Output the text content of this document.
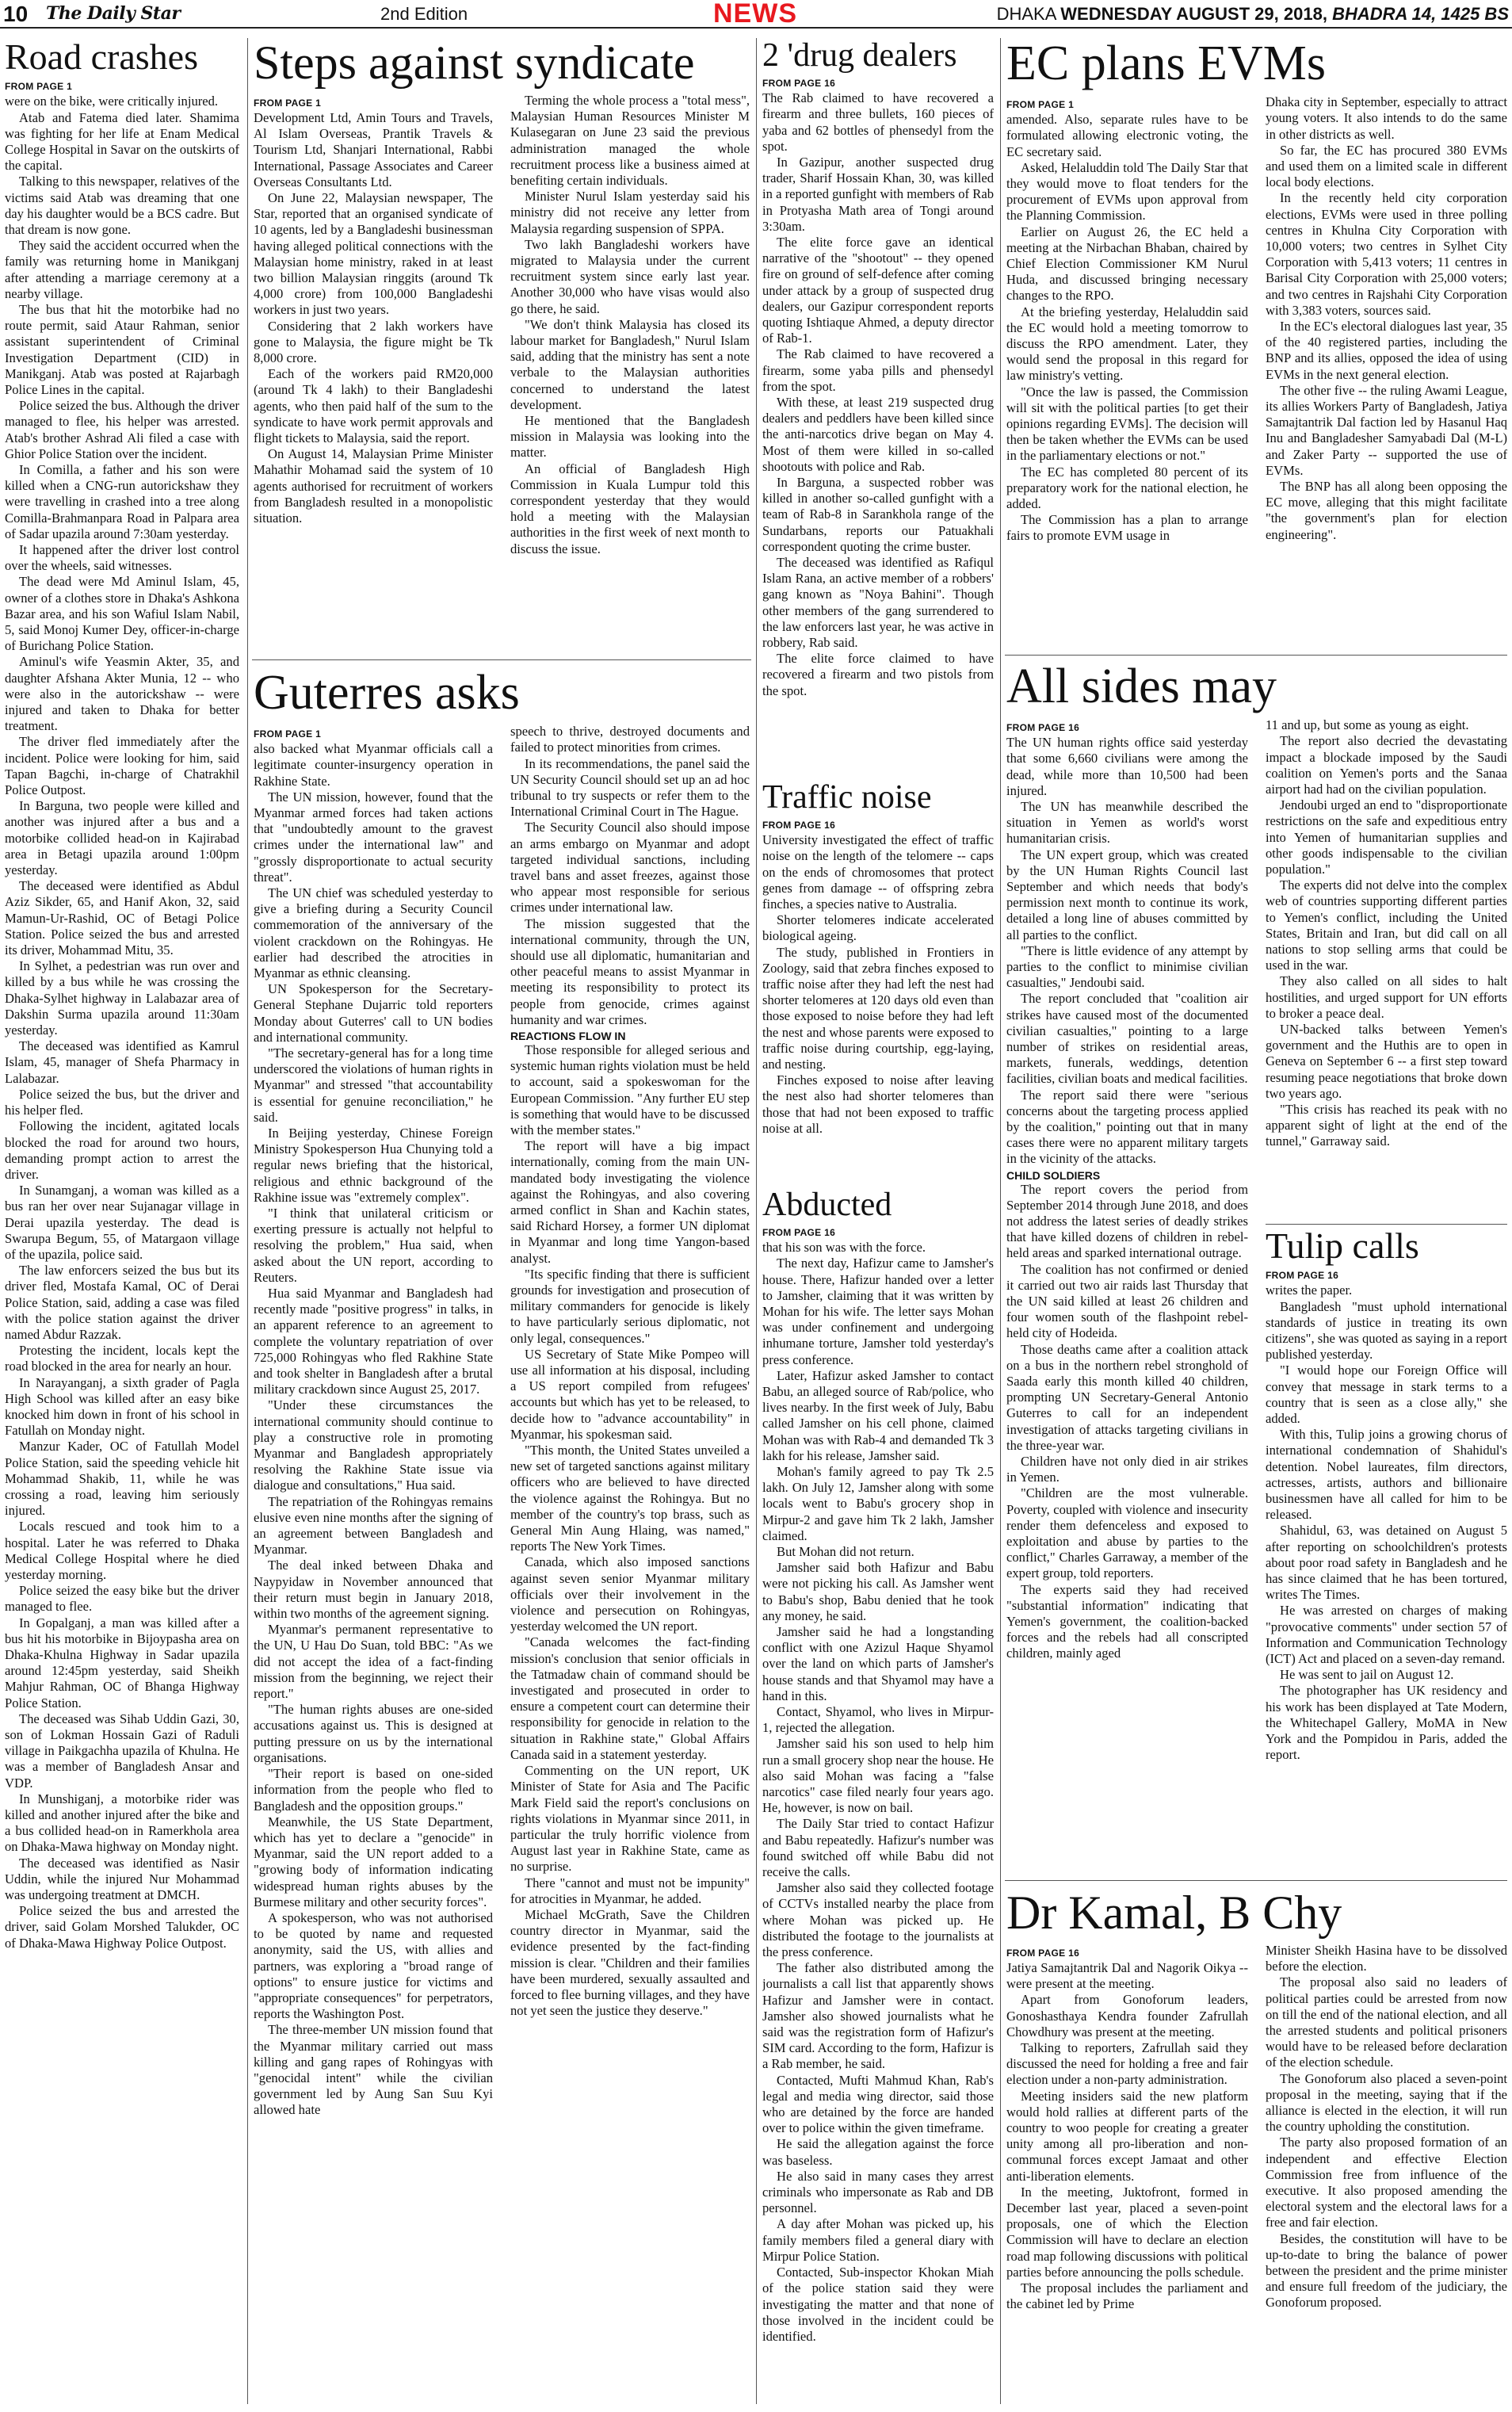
10 The Daily Star	2nd Edition	NEWS	DHAKA WEDNESDAY AUGUST 29, 2018, BHADRA 14, 1425 BS
Road crashes
FROM PAGE 1

were on the bike, were critically injured.

Atab and Fatema died later. Shamima was fighting for her life at Enam Medical College Hospital in Savar on the outskirts of the capital.

Talking to this newspaper, relatives of the victims said Atab was dreaming that one day his daughter would be a BCS cadre. But that dream is now gone.

They said the accident occurred when the family was returning home in Manikganj after attending a marriage ceremony at a nearby village.

The bus that hit the motorbike had no route permit, said Ataur Rahman, senior assistant superintendent of Criminal Investigation Department (CID) in Manikganj. Atab was posted at Rajarbagh Police Lines in the capital.

Police seized the bus. Although the driver managed to flee, his helper was arrested. Atab's brother Ashrad Ali filed a case with Ghior Police Station over the incident.

In Comilla, a father and his son were killed when a CNG-run autorickshaw they were travelling in crashed into a tree along Comilla-Brahmanpara Road in Palpara area of Sadar upazila around 7:30am yesterday.

It happened after the driver lost control over the wheels, said witnesses.

The dead were Md Aminul Islam, 45, owner of a clothes store in Dhaka's Ashkona Bazar area, and his son Wafiul Islam Nabil, 5, said Monoj Kumer Dey, officer-in-charge of Burichang Police Station.

Aminul's wife Yeasmin Akter, 35, and daughter Afshana Akter Munia, 12 -- who were also in the autorickshaw -- were injured and taken to Dhaka for better treatment.

The driver fled immediately after the incident. Police were looking for him, said Tapan Bagchi, in-charge of Chatrakhil Police Outpost.

In Barguna, two people were killed and another was injured after a bus and a motorbike collided head-on in Kajirabad area in Betagi upazila around 1:00pm yesterday.

The deceased were identified as Abdul Aziz Sikder, 65, and Hanif Akon, 32, said Mamun-Ur-Rashid, OC of Betagi Police Station. Police seized the bus and arrested its driver, Mohammad Mitu, 35.

In Sylhet, a pedestrian was run over and killed by a bus while he was crossing the Dhaka-Sylhet highway in Lalabazar area of Dakshin Surma upazila around 11:30am yesterday.

The deceased was identified as Kamrul Islam, 45, manager of Shefa Pharmacy in Lalabazar.

Police seized the bus, but the driver and his helper fled.

Following the incident, agitated locals blocked the road for around two hours, demanding prompt action to arrest the driver.

In Sunamganj, a woman was killed as a bus ran her over near Sujanagar village in Derai upazila yesterday. The dead is Swarupa Begum, 55, of Matargaon village of the upazila, police said.

The law enforcers seized the bus but its driver fled, Mostafa Kamal, OC of Derai Police Station, said, adding a case was filed with the police station against the driver named Abdur Razzak.

Protesting the incident, locals kept the road blocked in the area for nearly an hour.

In Narayanganj, a sixth grader of Pagla High School was killed after an easy bike knocked him down in front of his school in Fatullah on Monday night.

Manzur Kader, OC of Fatullah Model Police Station, said the speeding vehicle hit Mohammad Shakib, 11, while he was crossing a road, leaving him seriously injured.

Locals rescued and took him to a hospital. Later he was referred to Dhaka Medical College Hospital where he died yesterday morning.

Police seized the easy bike but the driver managed to flee.

In Gopalganj, a man was killed after a bus hit his motorbike in Bijoypasha area on Dhaka-Khulna Highway in Sadar upazila around 12:45pm yesterday, said Sheikh Mahjur Rahman, OC of Bhanga Highway Police Station.

The deceased was Sihab Uddin Gazi, 30, son of Lokman Hossain Gazi of Raduli village in Paikgachha upazila of Khulna. He was a member of Bangladesh Ansar and VDP.

In Munshiganj, a motorbike rider was killed and another injured after the bike and a bus collided head-on in Ramerkhola area on Dhaka-Mawa highway on Monday night.

The deceased was identified as Nasir Uddin, while the injured Nur Mohammad was undergoing treatment at DMCH.

Police seized the bus and arrested the driver, said Golam Morshed Talukder, OC of Dhaka-Mawa Highway Police Outpost.

Steps against syndicate
FROM PAGE 1

Development Ltd, Amin Tours and Travels, Al Islam Overseas, Prantik Travels & Tourism Ltd, Shanjari International, Rabbi International, Passage Associates and Career Overseas Consultants Ltd.

On June 22, Malaysian newspaper, The Star, reported that an organised syndicate of 10 agents, led by a Bangladeshi businessman having alleged political connections with the Malaysian home ministry, raked in at least two billion Malaysian ringgits (around Tk 4,000 crore) from 100,000 Bangladeshi workers in just two years.

Considering that 2 lakh workers have gone to Malaysia, the figure might be Tk 8,000 crore.

Each of the workers paid RM20,000 (around Tk 4 lakh) to their Bangladeshi agents, who then paid half of the sum to the syndicate to have work permit approvals and flight tickets to Malaysia, said the report.

On August 14, Malaysian Prime Minister Mahathir Mohamad said the system of 10 agents authorised for recruitment of workers from Bangladesh resulted in a monopolistic situation.

Terming the whole process a "total mess", Malaysian Human Resources Minister M Kulasegaran on June 23 said the previous administration managed the whole recruitment process like a business aimed at benefiting certain individuals.

Minister Nurul Islam yesterday said his ministry did not receive any letter from Malaysia regarding suspension of SPPA.

Two lakh Bangladeshi workers have migrated to Malaysia under the current recruitment system since early last year. Another 30,000 who have visas would also go there, he said.

"We don't think Malaysia has closed its labour market for Bangladesh," Nurul Islam said, adding that the ministry has sent a note verbale to the Malaysian authorities concerned to understand the latest development.

He mentioned that the Bangladesh mission in Malaysia was looking into the matter.

An official of Bangladesh High Commission in Kuala Lumpur told this correspondent yesterday that they would hold a meeting with the Malaysian authorities in the first week of next month to discuss the issue.

Guterres asks
FROM PAGE 1

also backed what Myanmar officials call a legitimate counter-insurgency operation in Rakhine State.

The UN mission, however, found that the Myanmar armed forces had taken actions that "undoubtedly amount to the gravest crimes under the international law" and "grossly disproportionate to actual security threat".

The UN chief was scheduled yesterday to give a briefing during a Security Council commemoration of the anniversary of the violent crackdown on the Rohingyas. He earlier had described the atrocities in Myanmar as ethnic cleansing.

UN Spokesperson for the Secretary-General Stephane Dujarric told reporters Monday about Guterres' call to UN bodies and international community.

"The secretary-general has for a long time underscored the violations of human rights in Myanmar" and stressed "that accountability is essential for genuine reconciliation," he said.

In Beijing yesterday, Chinese Foreign Ministry Spokesperson Hua Chunying told a regular news briefing that the historical, religious and ethnic background of the Rakhine issue was "extremely complex".

"I think that unilateral criticism or exerting pressure is actually not helpful to resolving the problem," Hua said, when asked about the UN report, according to Reuters.

Hua said Myanmar and Bangladesh had recently made "positive progress" in talks, in an apparent reference to an agreement to complete the voluntary repatriation of over 725,000 Rohingyas who fled Rakhine State and took shelter in Bangladesh after a brutal military crackdown since August 25, 2017.

"Under these circumstances the international community should continue to play a constructive role in promoting Myanmar and Bangladesh appropriately resolving the Rakhine State issue via dialogue and consultations," Hua said.

The repatriation of the Rohingyas remains elusive even nine months after the signing of an agreement between Bangladesh and Myanmar.

The deal inked between Dhaka and Naypyidaw in November announced that their return must begin in January 2018, within two months of the agreement signing.

Myanmar's permanent representative to the UN, U Hau Do Suan, told BBC: "As we did not accept the idea of a fact-finding mission from the beginning, we reject their report."

"The human rights abuses are one-sided accusations against us. This is designed at putting pressure on us by the international organisations.

"Their report is based on one-sided information from the people who fled to Bangladesh and the opposition groups."

Meanwhile, the US State Department, which has yet to declare a "genocide" in Myanmar, said the UN report added to a "growing body of information indicating widespread human rights abuses by the Burmese military and other security forces".

A spokesperson, who was not authorised to be quoted by name and requested anonymity, said the US, with allies and partners, was exploring a "broad range of options" to ensure justice for victims and "appropriate consequences" for perpetrators, reports the Washington Post.

The three-member UN mission found that the Myanmar military carried out mass killing and gang rapes of Rohingyas with "genocidal intent" while the civilian government led by Aung San Suu Kyi allowed hate

speech to thrive, destroyed documents and failed to protect minorities from crimes.

In its recommendations, the panel said the UN Security Council should set up an ad hoc tribunal to try suspects or refer them to the International Criminal Court in The Hague.

The Security Council also should impose an arms embargo on Myanmar and adopt targeted individual sanctions, including travel bans and asset freezes, against those who appear most responsible for serious crimes under international law.

The mission suggested that the international community, through the UN, should use all diplomatic, humanitarian and other peaceful means to assist Myanmar in meeting its responsibility to protect its people from genocide, crimes against humanity and war crimes.

REACTIONS FLOW IN

Those responsible for alleged serious and systemic human rights violation must be held to account, said a spokeswoman for the European Commission. "Any further EU step is something that would have to be discussed with the member states."

The report will have a big impact internationally, coming from the main UN-mandated body investigating the violence against the Rohingyas, and also covering armed conflict in Shan and Kachin states, said Richard Horsey, a former UN diplomat in Myanmar and long time Yangon-based analyst.

"Its specific finding that there is sufficient grounds for investigation and prosecution of military commanders for genocide is likely to have particularly serious diplomatic, not only legal, consequences."

US Secretary of State Mike Pompeo will use all information at his disposal, including a US report compiled from refugees' accounts but which has yet to be released, to decide how to "advance accountability" in Myanmar, his spokesman said.

"This month, the United States unveiled a new set of targeted sanctions against military officers who are believed to have directed the violence against the Rohingya. But no member of the country's top brass, such as General Min Aung Hlaing, was named," reports The New York Times.

Canada, which also imposed sanctions against seven senior Myanmar military officials over their involvement in the violence and persecution on Rohingyas, yesterday welcomed the UN report.

"Canada welcomes the fact-finding mission's conclusion that senior officials in the Tatmadaw chain of command should be investigated and prosecuted in order to ensure a competent court can determine their responsibility for genocide in relation to the situation in Rakhine state," Global Affairs Canada said in a statement yesterday.

Commenting on the UN report, UK Minister of State for Asia and The Pacific Mark Field said the report's conclusions on rights violations in Myanmar since 2011, in particular the truly horrific violence from August last year in Rakhine State, came as no surprise.

There "cannot and must not be impunity" for atrocities in Myanmar, he added.

Michael McGrath, Save the Children country director in Myanmar, said the evidence presented by the fact-finding mission is clear. "Children and their families have been murdered, sexually assaulted and forced to flee burning villages, and they have not yet seen the justice they deserve."

2 'drug dealers
FROM PAGE 16

The Rab claimed to have recovered a firearm and three bullets, 160 pieces of yaba and 62 bottles of phensedyl from the spot.

In Gazipur, another suspected drug trader, Sharif Hossain Khan, 30, was killed in a reported gunfight with members of Rab in Protyasha Math area of Tongi around 3:30am.

The elite force gave an identical narrative of the "shootout" -- they opened fire on ground of self-defence after coming under attack by a group of suspected drug dealers, our Gazipur correspondent reports quoting Ishtiaque Ahmed, a deputy director of Rab-1.

The Rab claimed to have recovered a firearm, some yaba pills and phensedyl from the spot.

With these, at least 219 suspected drug dealers and peddlers have been killed since the anti-narcotics drive began on May 4. Most of them were killed in so-called shootouts with police and Rab.

In Barguna, a suspected robber was killed in another so-called gunfight with a team of Rab-8 in Sarankhola range of the Sundarbans, reports our Patuakhali correspondent quoting the crime buster.

The deceased was identified as Rafiqul Islam Rana, an active member of a robbers' gang known as "Noya Bahini". Though other members of the gang surrendered to the law enforcers last year, he was active in robbery, Rab said.

The elite force claimed to have recovered a firearm and two pistols from the spot.

Traffic noise
FROM PAGE 16

University investigated the effect of traffic noise on the length of the telomere -- caps on the ends of chromosomes that protect genes from damage -- of offspring zebra finches, a species native to Australia.

Shorter telomeres indicate accelerated biological ageing.

The study, published in Frontiers in Zoology, said that zebra finches exposed to traffic noise after they had left the nest had shorter telomeres at 120 days old even than those exposed to noise before they had left the nest and whose parents were exposed to traffic noise during courtship, egg-laying, and nesting.

Finches exposed to noise after leaving the nest also had shorter telomeres than those that had not been exposed to traffic noise at all.

Abducted
FROM PAGE 16

that his son was with the force.

The next day, Hafizur came to Jamsher's house. There, Hafizur handed over a letter to Jamsher, claiming that it was written by Mohan for his wife. The letter says Mohan was under confinement and undergoing inhumane torture, Jamsher told yesterday's press conference.

Later, Hafizur asked Jamsher to contact Babu, an alleged source of Rab/police, who lives nearby. In the first week of July, Babu called Jamsher on his cell phone, claimed Mohan was with Rab-4 and demanded Tk 3 lakh for his release, Jamsher said.

Mohan's family agreed to pay Tk 2.5 lakh. On July 12, Jamsher along with some locals went to Babu's grocery shop in Mirpur-2 and gave him Tk 2 lakh, Jamsher claimed.

But Mohan did not return.

Jamsher said both Hafizur and Babu were not picking his call. As Jamsher went to Babu's shop, Babu denied that he took any money, he said.

Jamsher said he had a longstanding conflict with one Azizul Haque Shyamol over the land on which parts of Jamsher's house stands and that Shyamol may have a hand in this.

Contact, Shyamol, who lives in Mirpur-1, rejected the allegation.

Jamsher said his son used to help him run a small grocery shop near the house. He also said Mohan was facing a "false narcotics" case filed nearly four years ago. He, however, is now on bail.

The Daily Star tried to contact Hafizur and Babu repeatedly. Hafizur's number was found switched off while Babu did not receive the calls.

Jamsher also said they collected footage of CCTVs installed nearby the place from where Mohan was picked up. He distributed the footage to the journalists at the press conference.

The father also distributed among the journalists a call list that apparently shows Hafizur and Jamsher were in contact. Jamsher also showed journalists what he said was the registration form of Hafizur's SIM card. According to the form, Hafizur is a Rab member, he said.

Contacted, Mufti Mahmud Khan, Rab's legal and media wing director, said those who are detained by the force are handed over to police within the given timeframe.

He said the allegation against the force was baseless.

He also said in many cases they arrest criminals who impersonate as Rab and DB personnel.

A day after Mohan was picked up, his family members filed a general diary with Mirpur Police Station.

Contacted, Sub-inspector Khokan Miah of the police station said they were investigating the matter and that none of those involved in the incident could be identified.

EC plans EVMs
FROM PAGE 1

amended. Also, separate rules have to be formulated allowing electronic voting, the EC secretary said.

Asked, Helaluddin told The Daily Star that they would move to float tenders for the procurement of EVMs upon approval from the Planning Commission.

Earlier on August 26, the EC held a meeting at the Nirbachan Bhaban, chaired by Chief Election Commissioner KM Nurul Huda, and discussed bringing necessary changes to the RPO.

At the briefing yesterday, Helaluddin said the EC would hold a meeting tomorrow to discuss the RPO amendment. Later, they would send the proposal in this regard for law ministry's vetting.

"Once the law is passed, the Commission will sit with the political parties [to get their opinions regarding EVMs]. The decision will then be taken whether the EVMs can be used in the parliamentary elections or not."

The EC has completed 80 percent of its preparatory work for the national election, he added.

The Commission has a plan to arrange fairs to promote EVM usage in

Dhaka city in September, especially to attract young voters. It also intends to do the same in other districts as well.

So far, the EC has procured 380 EVMs and used them on a limited scale in different local body elections.

In the recently held city corporation elections, EVMs were used in three polling centres in Khulna City Corporation with 10,000 voters; two centres in Sylhet City Corporation with 5,413 voters; 11 centres in Barisal City Corporation with 25,000 voters; and two centres in Rajshahi City Corporation with 3,383 voters, sources said.

In the EC's electoral dialogues last year, 35 of the 40 registered parties, including the BNP and its allies, opposed the idea of using EVMs in the next general election.

The other five -- the ruling Awami League, its allies Workers Party of Bangladesh, Jatiya Samajtantrik Dal faction led by Hasanul Haq Inu and Bangladesher Samyabadi Dal (M-L) and Zaker Party -- supported the use of EVMs.

The BNP has all along been opposing the EC move, alleging that this might facilitate "the government's plan for election engineering".

All sides may
FROM PAGE 16

The UN human rights office said yesterday that some 6,660 civilians were among the dead, while more than 10,500 had been injured.

The UN has meanwhile described the situation in Yemen as world's worst humanitarian crisis.

The UN expert group, which was created by the UN Human Rights Council last September and which needs that body's permission next month to continue its work, detailed a long line of abuses committed by all parties to the conflict.

"There is little evidence of any attempt by parties to the conflict to minimise civilian casualties," Jendoubi said.

The report concluded that "coalition air strikes have caused most of the documented civilian casualties," pointing to a large number of strikes on residential areas, markets, funerals, weddings, detention facilities, civilian boats and medical facilities.

The report said there were "serious concerns about the targeting process applied by the coalition," pointing out that in many cases there were no apparent military targets in the vicinity of the attacks.

CHILD SOLDIERS

The report covers the period from September 2014 through June 2018, and does not address the latest series of deadly strikes that have killed dozens of children in rebel-held areas and sparked international outrage.

The coalition has not confirmed or denied it carried out two air raids last Thursday that the UN said killed at least 26 children and four women south of the flashpoint rebel-held city of Hodeida.

Those deaths came after a coalition attack on a bus in the northern rebel stronghold of Saada early this month killed 40 children, prompting UN Secretary-General Antonio Guterres to call for an independent investigation of attacks targeting civilians in the three-year war.

Children have not only died in air strikes in Yemen.

"Children are the most vulnerable. Poverty, coupled with violence and insecurity render them defenceless and exposed to exploitation and abuse by parties to the conflict," Charles Garraway, a member of the expert group, told reporters.

The experts said they had received "substantial information" indicating that Yemen's government, the coalition-backed forces and the rebels had all conscripted children, mainly aged

11 and up, but some as young as eight.

The report also decried the devastating impact a blockade imposed by the Saudi coalition on Yemen's ports and the Sanaa airport had had on the civilian population.

Jendoubi urged an end to "disproportionate restrictions on the safe and expeditious entry into Yemen of humanitarian supplies and other goods indispensable to the civilian population."

The experts did not delve into the complex web of countries supporting different parties to Yemen's conflict, including the United States, Britain and Iran, but did call on all nations to stop selling arms that could be used in the war.

They also called on all sides to halt hostilities, and urged support for UN efforts to broker a peace deal.

UN-backed talks between Yemen's government and the Huthis are to open in Geneva on September 6 -- a first step toward resuming peace negotiations that broke down two years ago.

"This crisis has reached its peak with no apparent sight of light at the end of the tunnel," Garraway said.

Tulip calls
FROM PAGE 16

writes the paper.

Bangladesh "must uphold international standards of justice in treating its own citizens", she was quoted as saying in a report published yesterday.

"I would hope our Foreign Office will convey that message in stark terms to a country that is seen as a close ally," she added.

With this, Tulip joins a growing chorus of international condemnation of Shahidul's detention. Nobel laureates, film directors, actresses, artists, authors and billionaire businessmen have all called for him to be released.

Shahidul, 63, was detained on August 5 after reporting on schoolchildren's protests about poor road safety in Bangladesh and he has since claimed that he has been tortured, writes The Times.

He was arrested on charges of making "provocative comments" under section 57 of Information and Communication Technology (ICT) Act and placed on a seven-day remand.

He was sent to jail on August 12.

The photographer has UK residency and his work has been displayed at Tate Modern, the Whitechapel Gallery, MoMA in New York and the Pompidou in Paris, added the report.

Dr Kamal, B Chy
FROM PAGE 16

Jatiya Samajtantrik Dal and Nagorik Oikya -- were present at the meeting.

Apart from Gonoforum leaders, Gonoshasthaya Kendra founder Zafrullah Chowdhury was present at the meeting.

Talking to reporters, Zafrullah said they discussed the need for holding a free and fair election under a non-party administration.

Meeting insiders said the new platform would hold rallies at different parts of the country to woo people for creating a greater unity among all pro-liberation and non-communal forces except Jamaat and other anti-liberation elements.

In the meeting, Juktofront, formed in December last year, placed a seven-point proposals, one of which the Election Commission will have to declare an election road map following discussions with political parties before announcing the polls schedule.

The proposal includes the parliament and the cabinet led by Prime

Minister Sheikh Hasina have to be dissolved before the election.

The proposal also said no leaders of political parties could be arrested from now on till the end of the national election, and all the arrested students and political prisoners would have to be released before declaration of the election schedule.

The Gonoforum also placed a seven-point proposal in the meeting, saying that if the alliance is elected in the election, it will run the country upholding the constitution.

The party also proposed formation of an independent and effective Election Commission free from influence of the executive. It also proposed amending the electoral system and the electoral laws for a free and fair election.

Besides, the constitution will have to be up-to-date to bring the balance of power between the president and the prime minister and ensure full freedom of the judiciary, the Gonoforum proposed.
